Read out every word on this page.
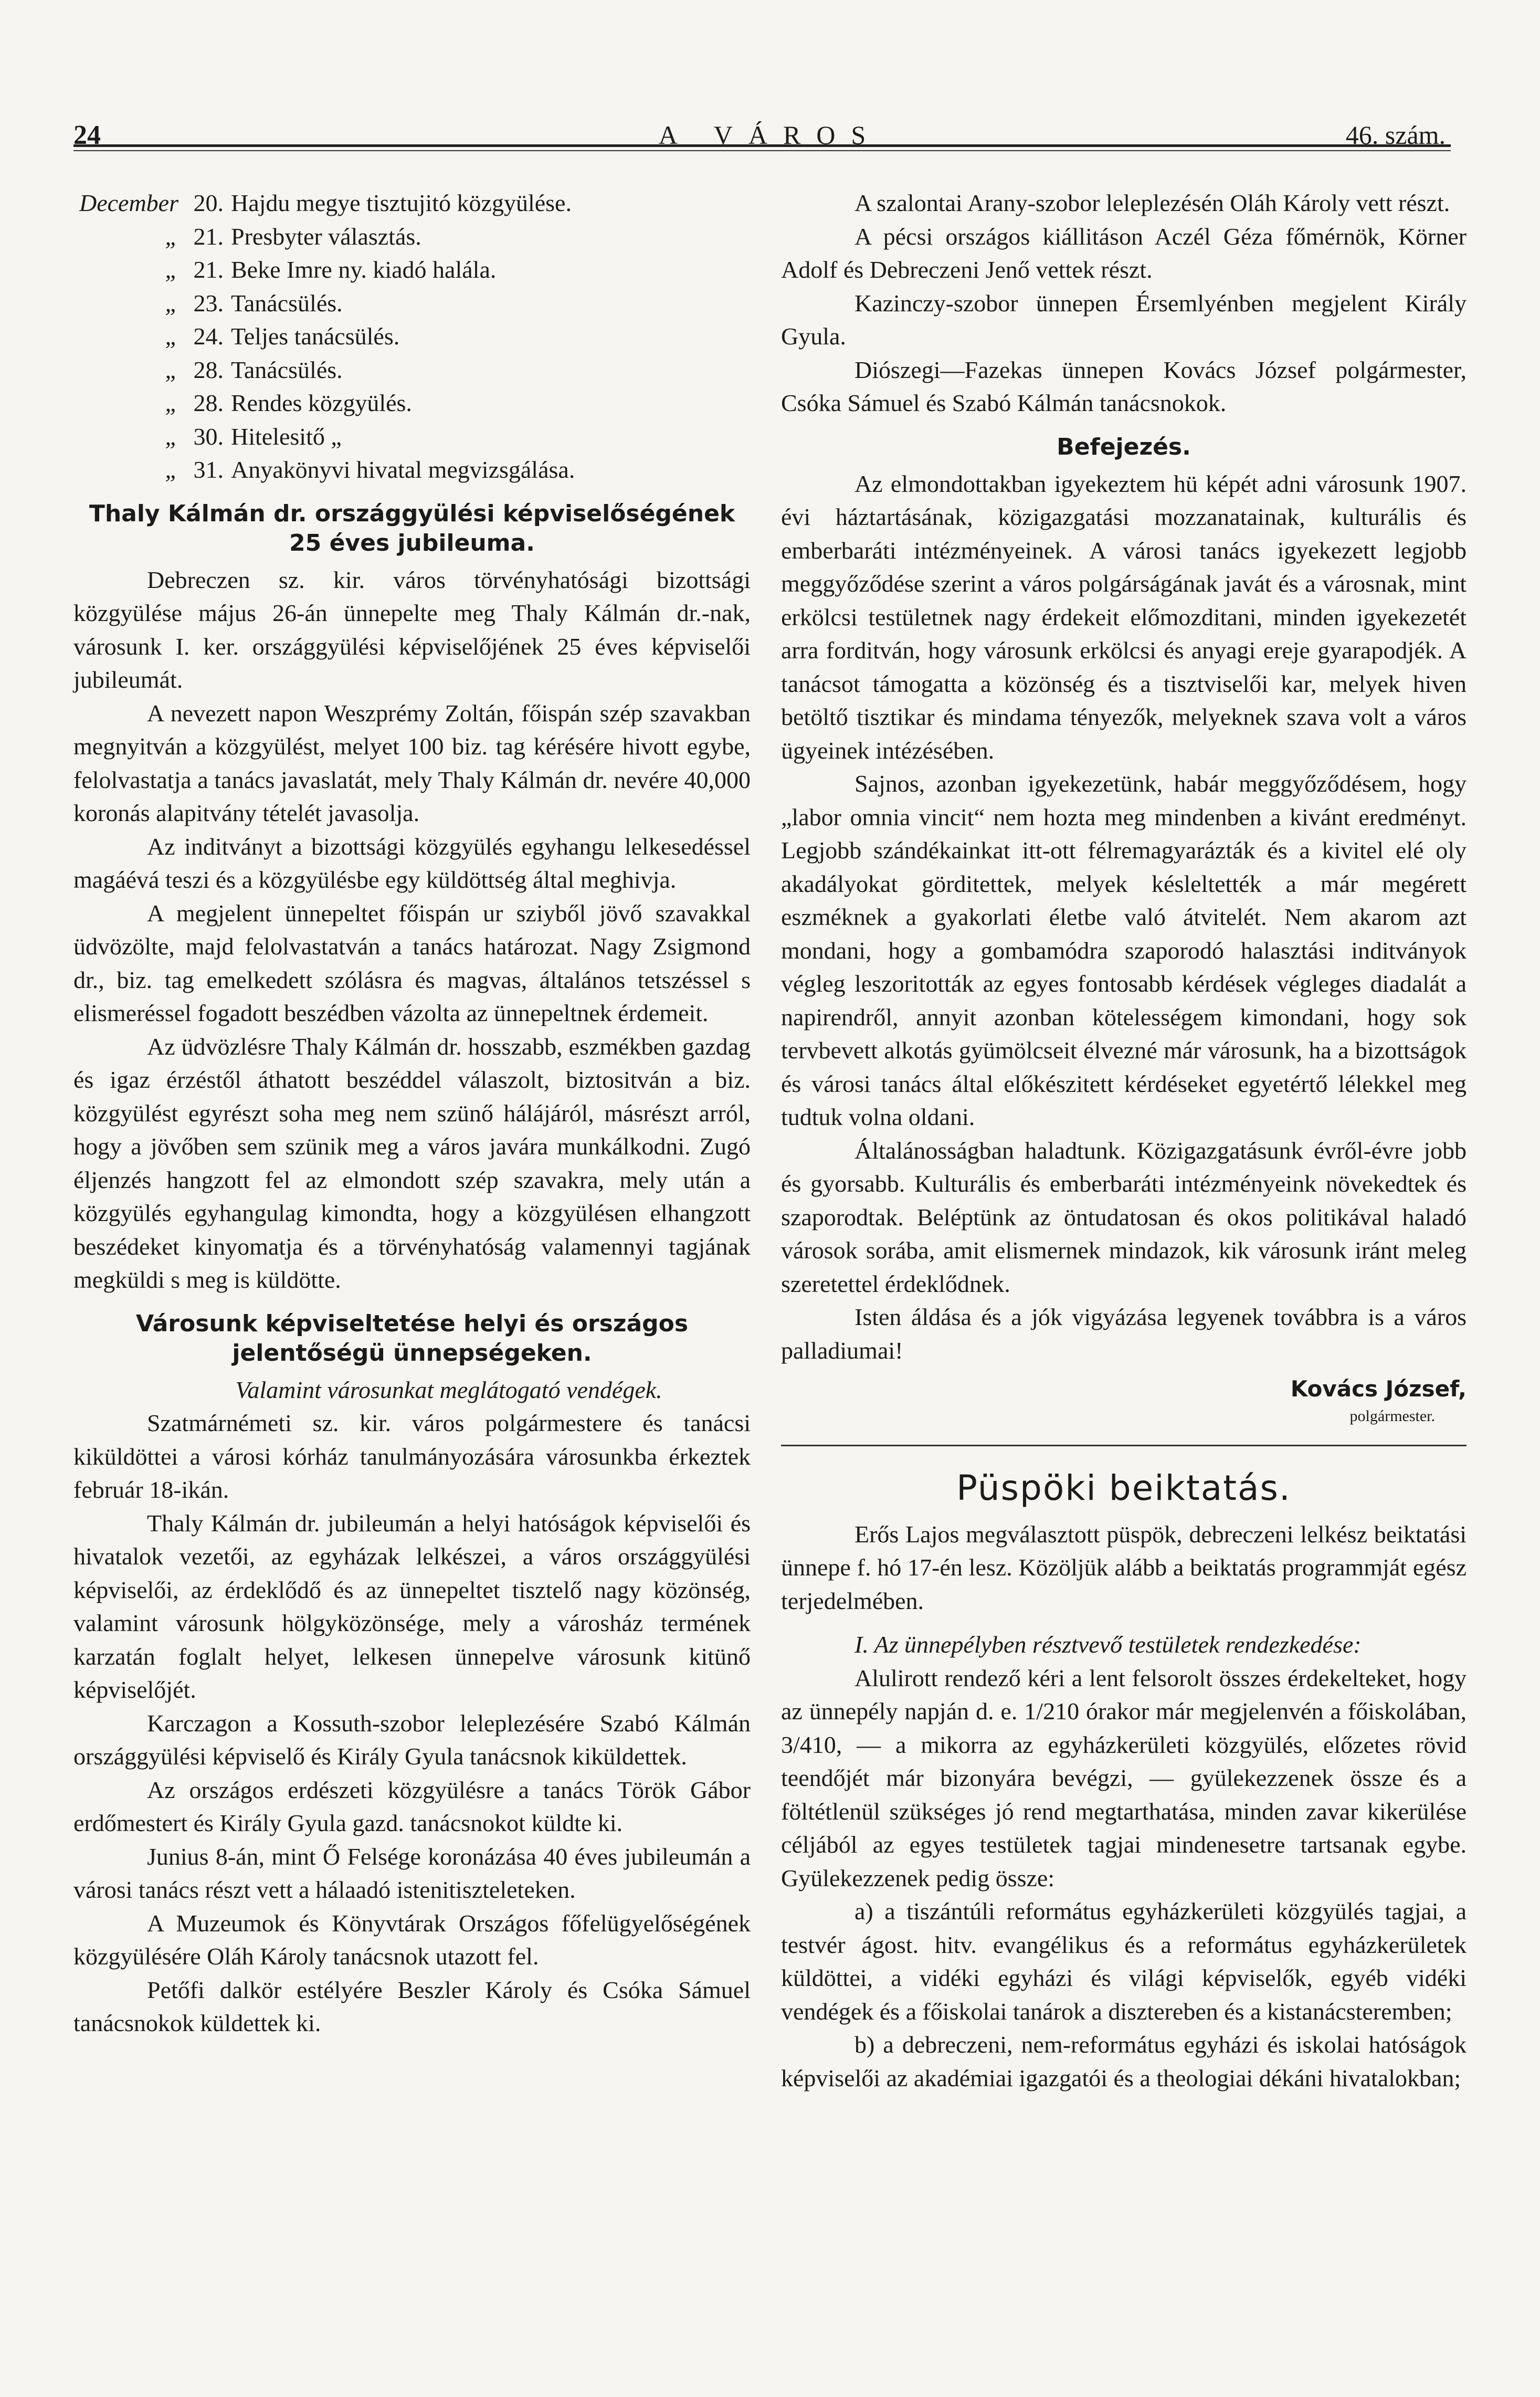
24	A VÁROS	46. szám.
December 20. Hajdu megye tisztujitó közgyülése.
„ 21. Presbyter választás.
„ 21. Beke Imre ny. kiadó halála.
„ 23. Tanácsülés.
„ 24. Teljes tanácsülés.
„ 28. Tanácsülés.
„ 28. Rendes közgyülés.
„ 30. Hitelesitő „
„ 31. Anyakönyvi hivatal megvizsgálása.
Thaly Kálmán dr. országgyülési képviselőségének 25 éves jubileuma.

Debreczen sz. kir. város törvényhatósági bizottsági közgyülése május 26-án ünnepelte meg Thaly Kálmán dr.-nak, városunk I. ker. országgyülési képviselőjének 25 éves képviselői jubileumát.

A nevezett napon Weszprémy Zoltán, főispán szép szavakban megnyitván a közgyülést, melyet 100 biz. tag kérésére hivott egybe, felolvastatja a tanács javaslatát, mely Thaly Kálmán dr. nevére 40,000 koronás alapitvány tételét javasolja.

Az inditványt a bizottsági közgyülés egyhangu lelkesedéssel magáévá teszi és a közgyülésbe egy küldöttség által meghivja.

A megjelent ünnepeltet főispán ur sziyből jövő szavakkal üdvözölte, majd felolvastatván a tanács határozat. Nagy Zsigmond dr., biz. tag emelkedett szólásra és magvas, általános tetszéssel s elismeréssel fogadott beszédben vázolta az ünnepeltnek érdemeit.

Az üdvözlésre Thaly Kálmán dr. hosszabb, eszmékben gazdag és igaz érzéstől áthatott beszéddel válaszolt, biztositván a biz. közgyülést egyrészt soha meg nem szünő hálájáról, másrészt arról, hogy a jövőben sem szünik meg a város javára munkálkodni. Zugó éljenzés hangzott fel az elmondott szép szavakra, mely után a közgyülés egyhangulag kimondta, hogy a közgyülésen elhangzott beszédeket kinyomatja és a törvényhatóság valamennyi tagjának megküldi s meg is küldötte.

Városunk képviseltetése helyi és országos jelentőségü ünnepségeken.

Valamint városunkat meglátogató vendégek.

Szatmárnémeti sz. kir. város polgármestere és tanácsi kiküldöttei a városi kórház tanulmányozására városunkba érkeztek február 18-ikán.

Thaly Kálmán dr. jubileumán a helyi hatóságok képviselői és hivatalok vezetői, az egyházak lelkészei, a város országgyülési képviselői, az érdeklődő és az ünnepeltet tisztelő nagy közönség, valamint városunk hölgyközönsége, mely a városház termének karzatán foglalt helyet, lelkesen ünnepelve városunk kitünő képviselőjét.

Karczagon a Kossuth-szobor leleplezésére Szabó Kálmán országgyülési képviselő és Király Gyula tanácsnok kiküldettek.

Az országos erdészeti közgyülésre a tanács Török Gábor erdőmestert és Király Gyula gazd. tanácsnokot küldte ki.

Junius 8-án, mint Ő Felsége koronázása 40 éves jubileumán a városi tanács részt vett a hálaadó istenitiszteleteken.

A Muzeumok és Könyvtárak Országos főfelügyelőségének közgyülésére Oláh Károly tanácsnok utazott fel.

Petőfi dalkör estélyére Beszler Károly és Csóka Sámuel tanácsnokok küldettek ki.

A szalontai Arany-szobor leleplezésén Oláh Károly vett részt.

A pécsi országos kiállitáson Aczél Géza főmérnök, Körner Adolf és Debreczeni Jenő vettek részt.

Kazinczy-szobor ünnepen Érsemlyénben megjelent Király Gyula.

Diószegi—Fazekas ünnepen Kovács József polgármester, Csóka Sámuel és Szabó Kálmán tanácsnokok.

Befejezés.

Az elmondottakban igyekeztem hü képét adni városunk 1907. évi háztartásának, közigazgatási mozzanatainak, kulturális és emberbaráti intézményeinek. A városi tanács igyekezett legjobb meggyőződése szerint a város polgárságának javát és a városnak, mint erkölcsi testületnek nagy érdekeit előmozditani, minden igyekezetét arra forditván, hogy városunk erkölcsi és anyagi ereje gyarapodjék. A tanácsot támogatta a közönség és a tisztviselői kar, melyek hiven betöltő tisztikar és mindama tényezők, melyeknek szava volt a város ügyeinek intézésében.

Sajnos, azonban igyekezetünk, habár meggyőződésem, hogy „labor omnia vincit“ nem hozta meg mindenben a kivánt eredményt. Legjobb szándékainkat itt-ott félremagyarázták és a kivitel elé oly akadályokat görditettek, melyek késleltették a már megérett eszméknek a gyakorlati életbe való átvitelét. Nem akarom azt mondani, hogy a gombamódra szaporodó halasztási inditványok végleg leszoritották az egyes fontosabb kérdések végleges diadalát a napirendről, annyit azonban kötelességem kimondani, hogy sok tervbevett alkotás gyümölcseit élvezné már városunk, ha a bizottságok és városi tanács által előkészitett kérdéseket egyetértő lélekkel meg tudtuk volna oldani.

Általánosságban haladtunk. Közigazgatásunk évről-évre jobb és gyorsabb. Kulturális és emberbaráti intézményeink növekedtek és szaporodtak. Beléptünk az öntudatosan és okos politikával haladó városok sorába, amit elismernek mindazok, kik városunk iránt meleg szeretettel érdeklődnek.

Isten áldása és a jók vigyázása legyenek továbbra is a város palladiumai!

Kovács József,
polgármester.
Püspöki beiktatás.

Erős Lajos megválasztott püspök, debreczeni lelkész beiktatási ünnepe f. hó 17-én lesz. Közöljük alább a beiktatás programmját egész terjedelmében.

I. Az ünnepélyben résztvevő testületek rendezkedése:

Alulirott rendező kéri a lent felsorolt összes érdekelteket, hogy az ünnepély napján d. e. 1/210 órakor már megjelenvén a főiskolában, 3/410, — a mikorra az egyházkerületi közgyülés, előzetes rövid teendőjét már bizonyára bevégzi, — gyülekezzenek össze és a föltétlenül szükséges jó rend megtarthatása, minden zavar kikerülése céljából az egyes testületek tagjai mindenesetre tartsanak egybe. Gyülekezzenek pedig össze:

a) a tiszántúli református egyházkerületi közgyülés tagjai, a testvér ágost. hitv. evangélikus és a református egyházkerületek küldöttei, a vidéki egyházi és világi képviselők, egyéb vidéki vendégek és a főiskolai tanárok a disztereben és a kistanácsteremben;

b) a debreczeni, nem-református egyházi és iskolai hatóságok képviselői az akadémiai igazgatói és a theologiai dékáni hivatalokban;
